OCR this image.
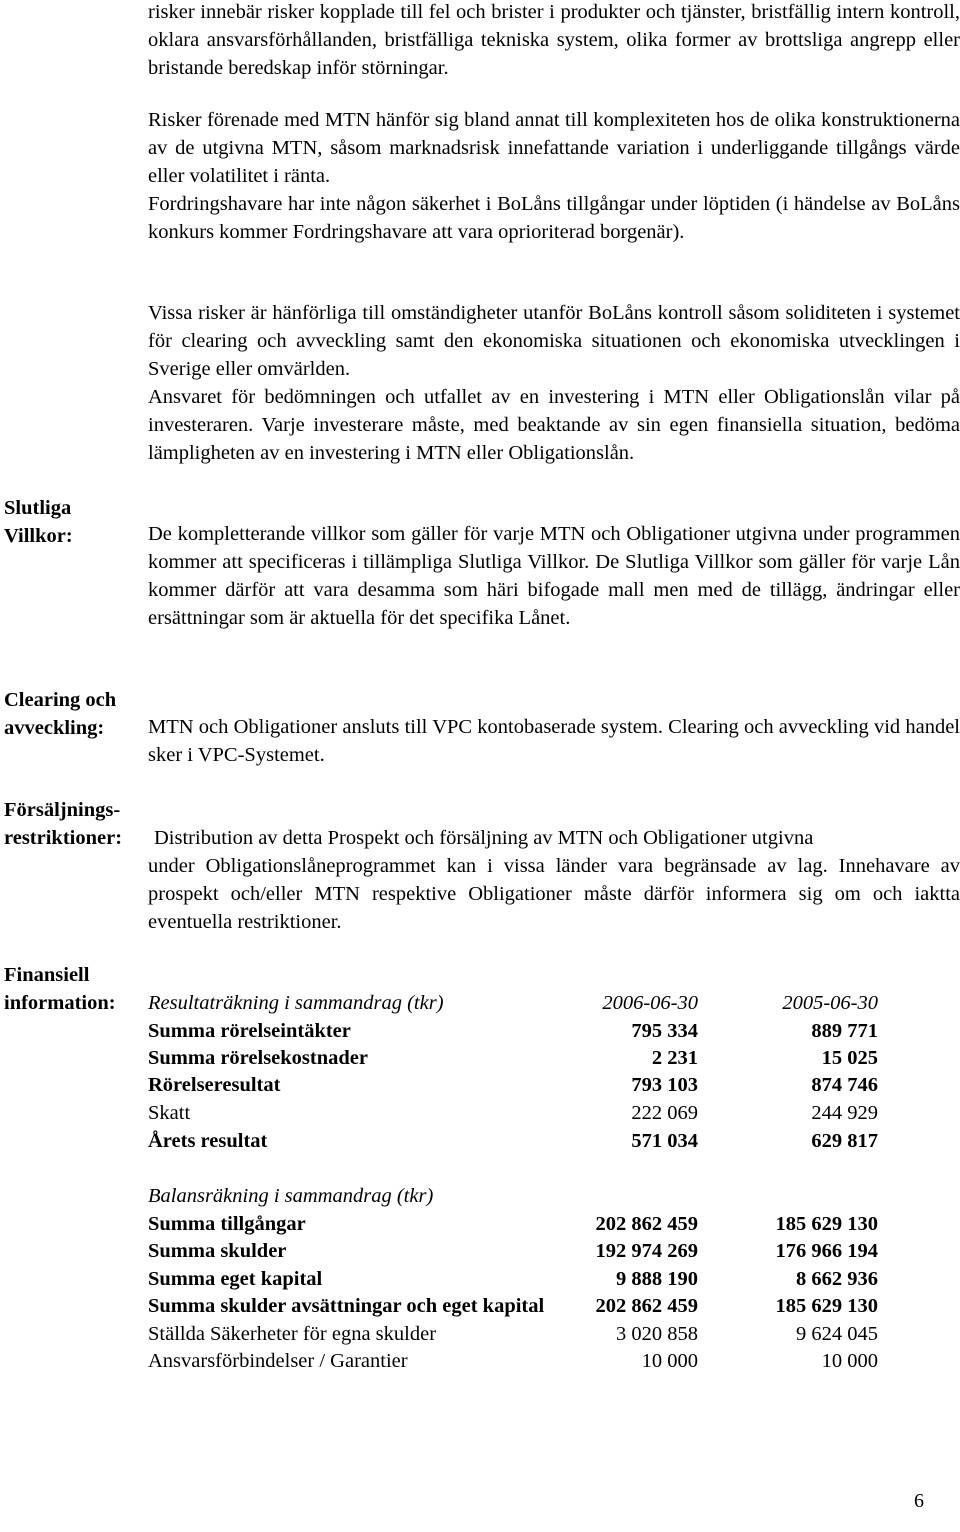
risker innebär risker kopplade till fel och brister i produkter och tjänster, bristfällig intern kontroll, oklara ansvarsförhållanden, bristfälliga tekniska system, olika former av brottsliga angrepp eller bristande beredskap inför störningar.

Risker förenade med MTN hänför sig bland annat till komplexiteten hos de olika konstruktionerna av de utgivna MTN, såsom marknadsrisk innefattande variation i underliggande tillgångs värde eller volatilitet i ränta.

Fordringshavare har inte någon säkerhet i BoLåns tillgångar under löptiden (i händelse av BoLåns konkurs kommer Fordringshavare att vara oprioriterad borgenär).

Vissa risker är hänförliga till omständigheter utanför BoLåns kontroll såsom soliditeten i systemet för clearing och avveckling samt den ekonomiska situationen och ekonomiska utvecklingen i Sverige eller omvärlden.

Ansvaret för bedömningen och utfallet av en investering i MTN eller Obligationslån vilar på investeraren. Varje investerare måste, med beaktande av sin egen finansiella situation, bedöma lämpligheten av en investering i MTN eller Obligationslån.

Slutliga
Villkor:	De kompletterande villkor som gäller för varje MTN och Obligationer utgivna under programmen kommer att specificeras i tillämpliga Slutliga Villkor. De Slutliga Villkor som gäller för varje Lån kommer därför att vara desamma som häri bifogade mall men med de tillägg, ändringar eller ersättningar som är aktuella för det specifika Lånet.

Clearing och
avveckling:	MTN och Obligationer ansluts till VPC kontobaserade system. Clearing och avveckling vid handel sker i VPC-Systemet.

Försäljnings-
restriktioner: Distribution av detta Prospekt och försäljning av MTN och Obligationer utgivna

under Obligationslåneprogrammet kan i vissa länder vara begränsade av lag. Innehavare av prospekt och/eller MTN respektive Obligationer måste därför informera sig om och iaktta eventuella restriktioner.

Finansiell
information: Resultaträkning i sammandrag (tkr)	2006-06-30	2005-06-30
Summa rörelseintäkter	795 334	889 771
Summa rörelsekostnader	2 231	15 025
Rörelseresultat	793 103	874 746
Skatt	222 069	244 929
Årets resultat	571 034	629 817
Balansräkning i sammandrag (tkr)
Summa tillgångar	202 862 459	185 629 130
Summa skulder	192 974 269	176 966 194
Summa eget kapital	9 888 190	8 662 936
Summa skulder avsättningar och eget kapital	202 862 459	185 629 130
Ställda Säkerheter för egna skulder	3 020 858	9 624 045
Ansvarsförbindelser / Garantier	10 000	10 000
6
